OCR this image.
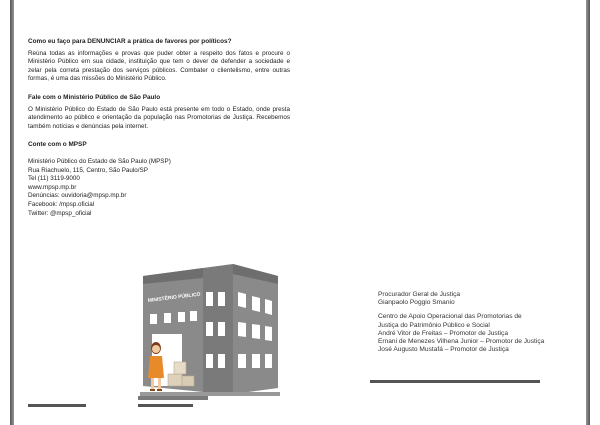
Como eu faço para DENUNCIAR a prática de favores por políticos?

Reúna todas as informações e provas que puder obter a respeito dos fatos e procure o Ministério Público em sua cidade, instituição que tem o dever de defender a sociedade e zelar pela correta prestação dos serviços públicos. Combater o clientelismo, entre outras formas, é uma das missões do Ministério Público.

Fale com o Ministério Público de São Paulo

O Ministério Público do Estado de São Paulo está presente em todo o Estado, onde presta atendimento ao público e orientação da população nas Promotorias de Justiça. Recebemos também notícias e denúncias pela internet.

Conte com o MPSP
Ministério Público do Estado de São Paulo (MPSP)
Rua Riachuelo, 115, Centro, São Paulo/SP
Tel (11) 3119-9000
www.mpsp.mp.br
Denúncias: ouvidoria@mpsp.mp.br
Facebook: /mpsp.oficial
Twitter: @mpsp_oficial
MINISTÉRIO PÚBLICO	Procurador Geral de Justiça
Gianpaolo Poggio Smanio
Centro de Apoio Operacional das Promotorias de
Justiça do Patrimônio Público e Social
André Vitor de Freitas – Promotor de Justiça
Ernani de Menezes Vilhena Junior – Promotor de Justiça
José Augusto Mustafá – Promotor de Justiça
